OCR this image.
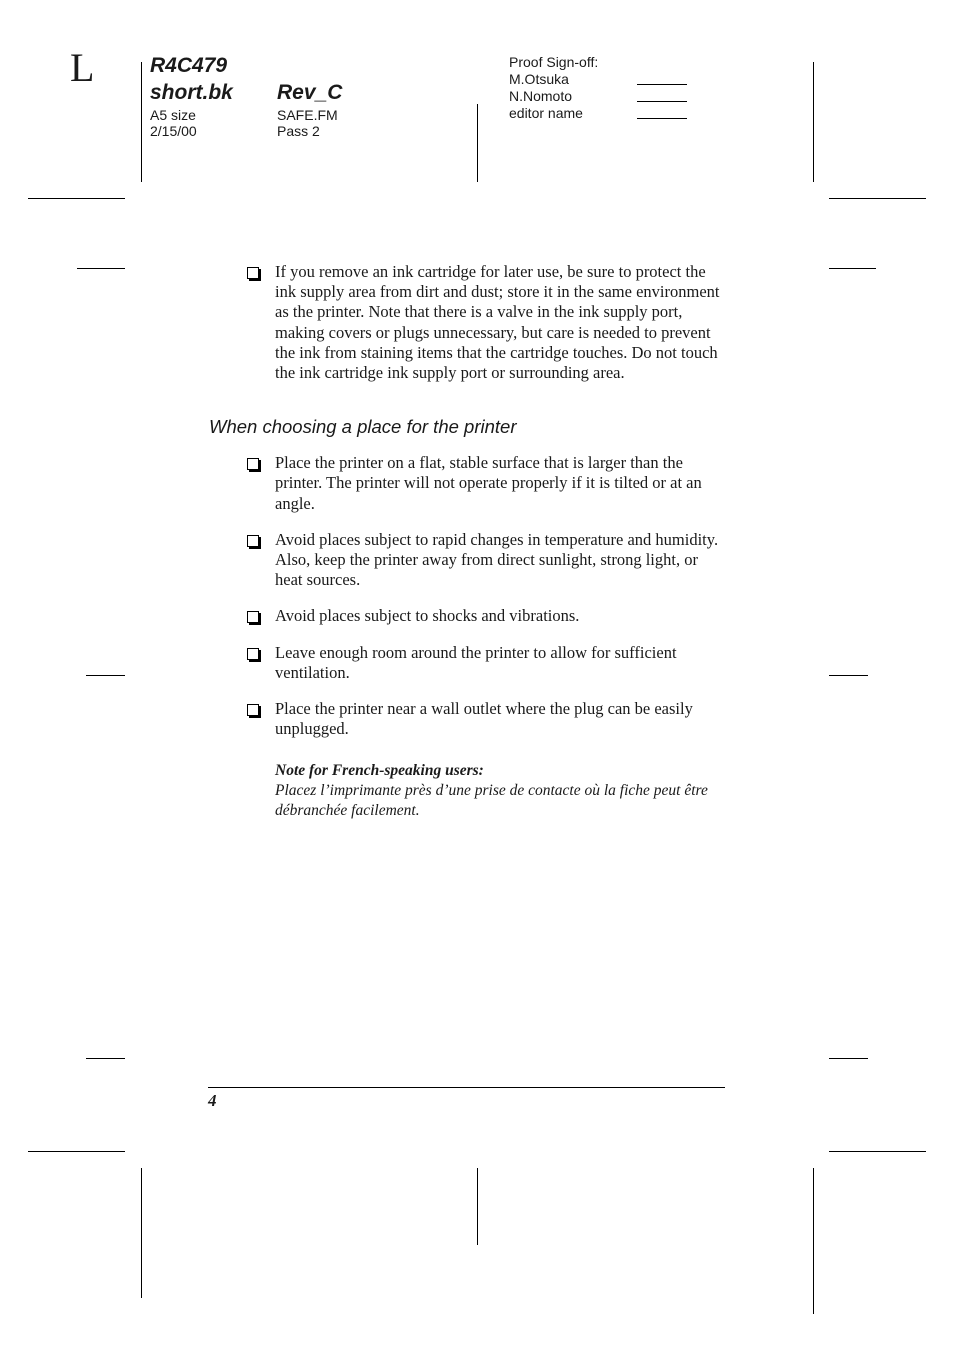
L	R4C479
short.bk Rev_C
A5 size
2/15/00
SAFE.FM
Pass 2
Proof Sign-off:
M.Otsuka
N.Nomoto
editor name
If you remove an ink cartridge for later use, be sure to protect the ink supply area from dirt and dust; store it in the same environment as the printer. Note that there is a valve in the ink supply port, making covers or plugs unnecessary, but care is needed to prevent the ink from staining items that the cartridge touches. Do not touch the ink cartridge ink supply port or surrounding area.
When choosing a place for the printer
Place the printer on a flat, stable surface that is larger than the printer. The printer will not operate properly if it is tilted or at an angle.
Avoid places subject to rapid changes in temperature and humidity. Also, keep the printer away from direct sunlight, strong light, or heat sources.
Avoid places subject to shocks and vibrations.
Leave enough room around the printer to allow for sufficient ventilation.
Place the printer near a wall outlet where the plug can be easily unplugged.
Note for French-speaking users:
Placez l’imprimante près d’une prise de contacte où la fiche peut être débranchée facilement.
4
